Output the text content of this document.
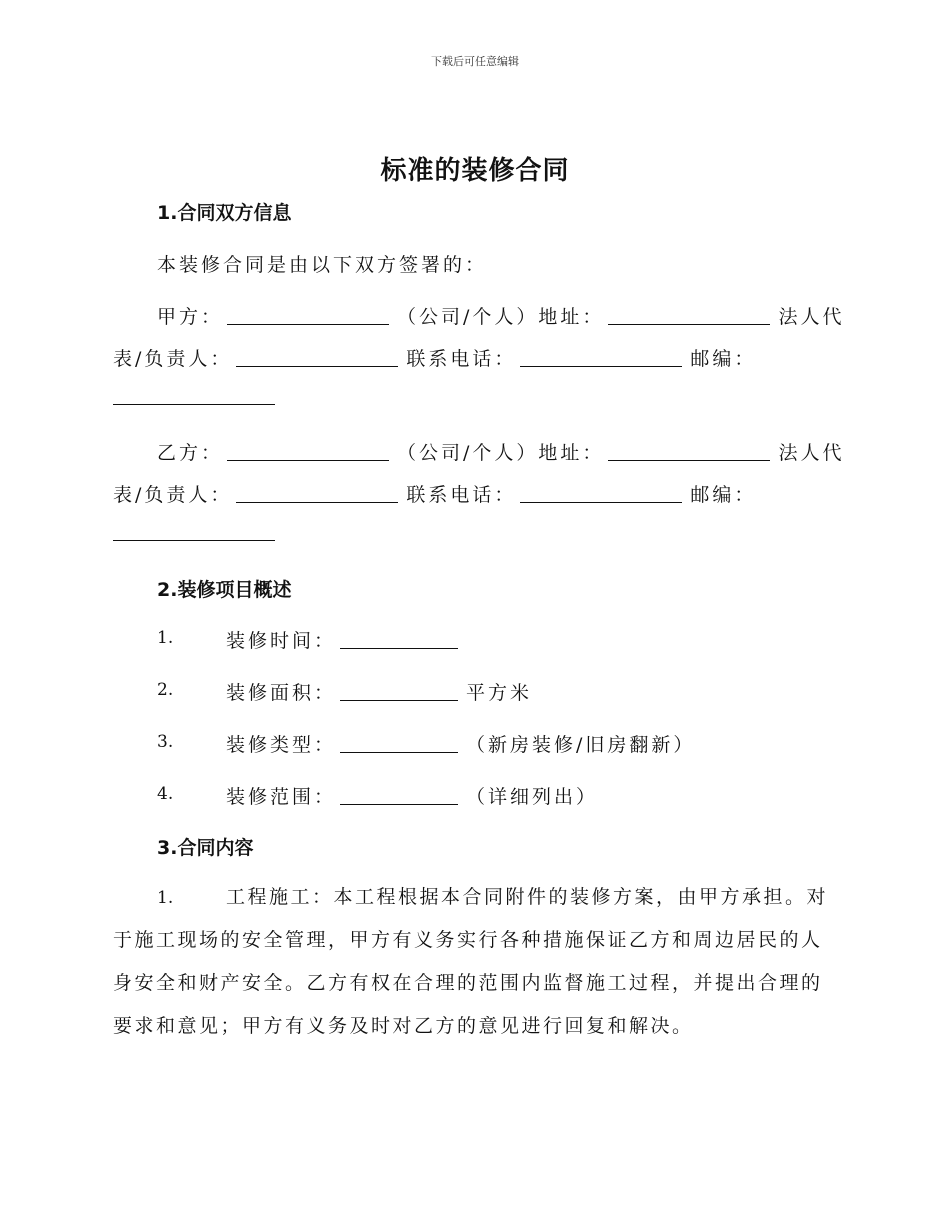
下载后可任意编辑
标准的装修合同
1.合同双方信息
本装修合同是由以下双方签署的：
甲方：	（公司/个人）地址：	法人代
表/负责人：	联系电话：	邮编：
乙方：	（公司/个人）地址：	法人代
表/负责人：	联系电话：	邮编：
2.装修项目概述
1.	装修时间：
2.	装修面积：	平方米
3.	装修类型：	（新房装修/旧房翻新）
4.	装修范围：	（详细列出）
3.合同内容
1.	工程施工：本工程根据本合同附件的装修方案，由甲方承担。对
于施工现场的安全管理，甲方有义务实行各种措施保证乙方和周边居民的人
身安全和财产安全。乙方有权在合理的范围内监督施工过程，并提出合理的
要求和意见；甲方有义务及时对乙方的意见进行回复和解决。
